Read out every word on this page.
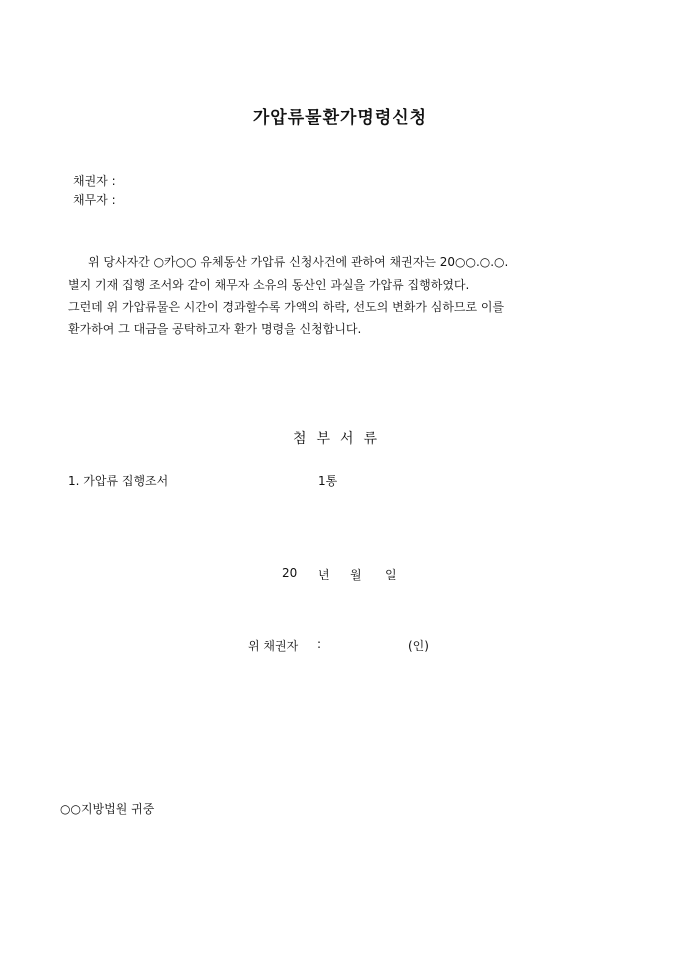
가압류물환가명령신청
채권자 :
채무자 :
위 당사자간 ○카○○ 유체동산 가압류 신청사건에 관하여 채권자는 20○○.○.○.
별지 기재 집행 조서와 같이 채무자 소유의 동산인 과실을 가압류 집행하였다.
그런데 위 가압류물은 시간이 경과할수록 가액의 하락, 선도의 변화가 심하므로 이를
환가하여 그 대금을 공탁하고자 환가 명령을 신청합니다.
첨부서류
1. 가압류 집행조서	1통
20 년 월 일
위 채권자 :	(인)
○○지방법원 귀중
